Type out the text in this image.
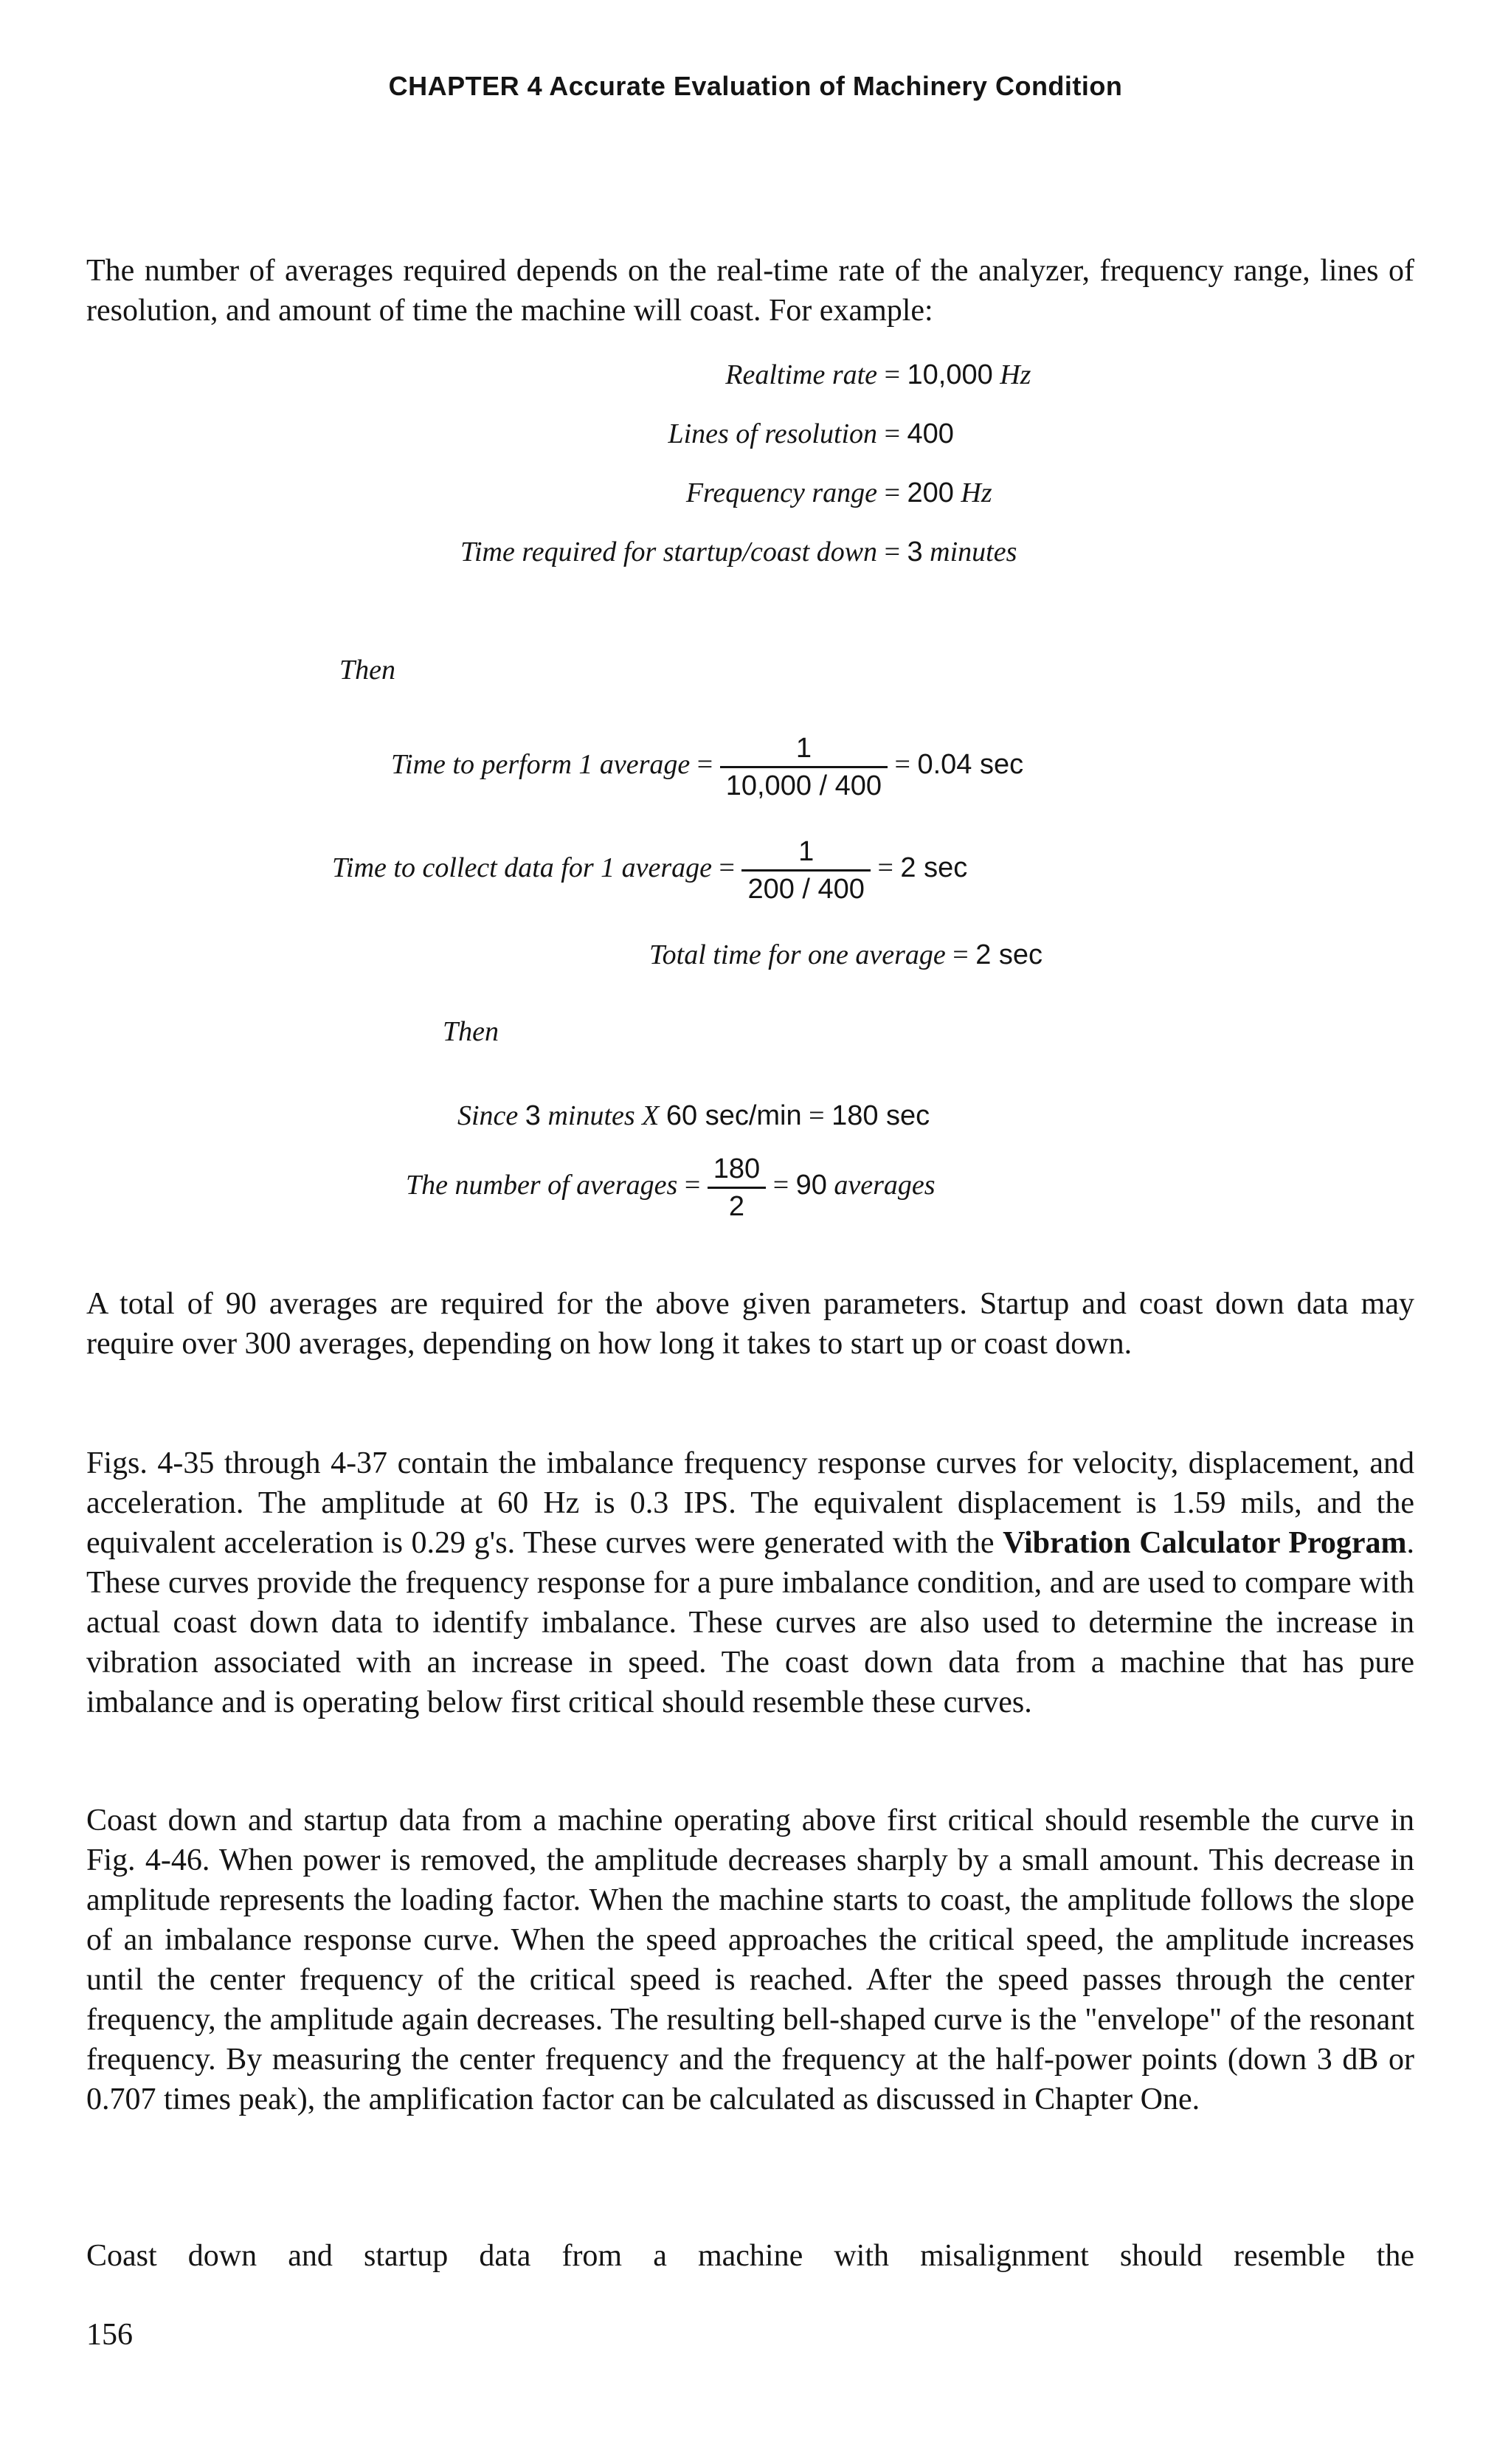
CHAPTER 4 Accurate Evaluation of Machinery Condition

The number of averages required depends on the real-time rate of the analyzer, frequency range, lines of resolution, and amount of time the machine will coast. For example:

Realtime rate = 10,000 Hz
Lines of resolution = 400
Frequency range = 200 Hz
Time required for startup/coast down = 3 minutes
Then
Time to perform 1 average = $\frac{1}{10,000 / 400} = 0.04$ sec
Time to collect data for 1 average = $\frac{1}{200 / 400} = 2$ sec
Total time for one average = 2 sec
Then
Since 3 minutes X 60 sec/min = 180 sec
The number of averages = $\frac{180}{2} = 90$ averages

A total of 90 averages are required for the above given parameters. Startup and coast down data may require over 300 averages, depending on how long it takes to start up or coast down.

Figs. 4-35 through 4-37 contain the imbalance frequency response curves for velocity, displacement, and acceleration. The amplitude at 60 Hz is 0.3 IPS. The equivalent displacement is 1.59 mils, and the equivalent acceleration is 0.29 g's. These curves were generated with the Vibration Calculator Program. These curves provide the frequency response for a pure imbalance condition, and are used to compare with actual coast down data to identify imbalance. These curves are also used to determine the increase in vibration associated with an increase in speed. The coast down data from a machine that has pure imbalance and is operating below first critical should resemble these curves.

Coast down and startup data from a machine operating above first critical should resemble the curve in Fig. 4-46. When power is removed, the amplitude decreases sharply by a small amount. This decrease in amplitude represents the loading factor. When the machine starts to coast, the amplitude follows the slope of an imbalance response curve. When the speed approaches the critical speed, the amplitude increases until the center frequency of the critical speed is reached. After the speed passes through the center frequency, the amplitude again decreases. The resulting bell-shaped curve is the "envelope" of the resonant frequency. By measuring the center frequency and the frequency at the half-power points (down 3 dB or 0.707 times peak), the amplification factor can be calculated as discussed in Chapter One.

Coast down and startup data from a machine with misalignment should resemble the

156
